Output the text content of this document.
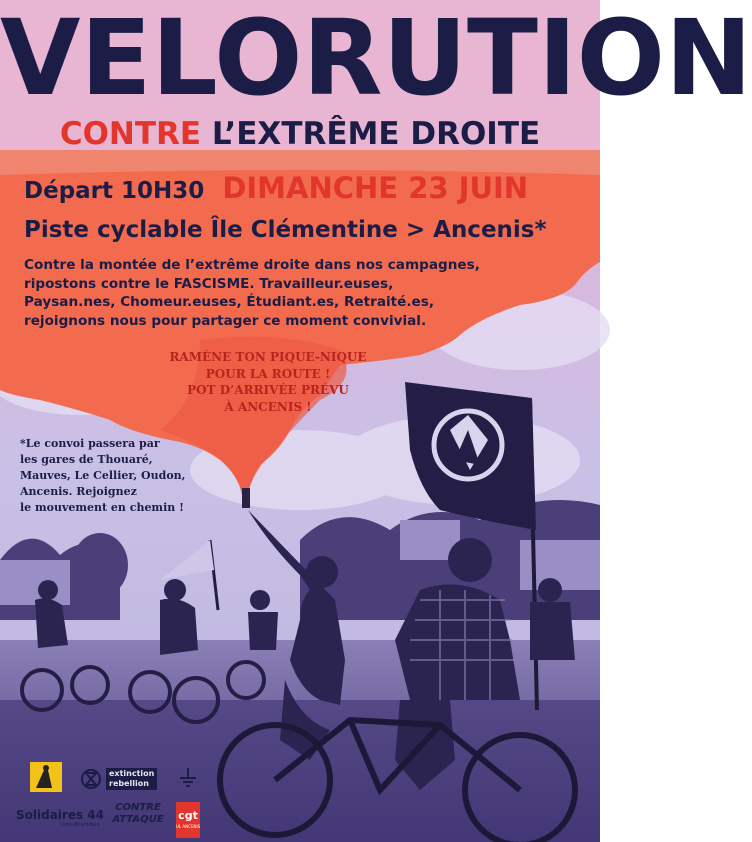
VELORUTION
CONTRE L’EXTRÊME DROITE
Départ 10H30 DIMANCHE 23 JUIN
Piste cyclable Île Clémentine > Ancenis*
Contre la montée de l’extrême droite dans nos campagnes,
ripostons contre le FASCISME. Travailleur.euses,
Paysan.nes, Chomeur.euses, Étudiant.es, Retraité.es,
rejoignons nous pour partager ce moment convivial.
RAMÈNE TON PIQUE-NIQUE
POUR LA ROUTE !
POT D’ARRIVÉE PRÉVU
À ANCENIS !
*Le convoi passera par
les gares de Thouaré,
Mauves, Le Cellier, Oudon,
Ancenis. Rejoignez
le mouvement en chemin !
extinction
rebellion
Solidaires 44
Loire-Atlantique
CONTRE
ATTAQUE cgt
UL ANCENIS
